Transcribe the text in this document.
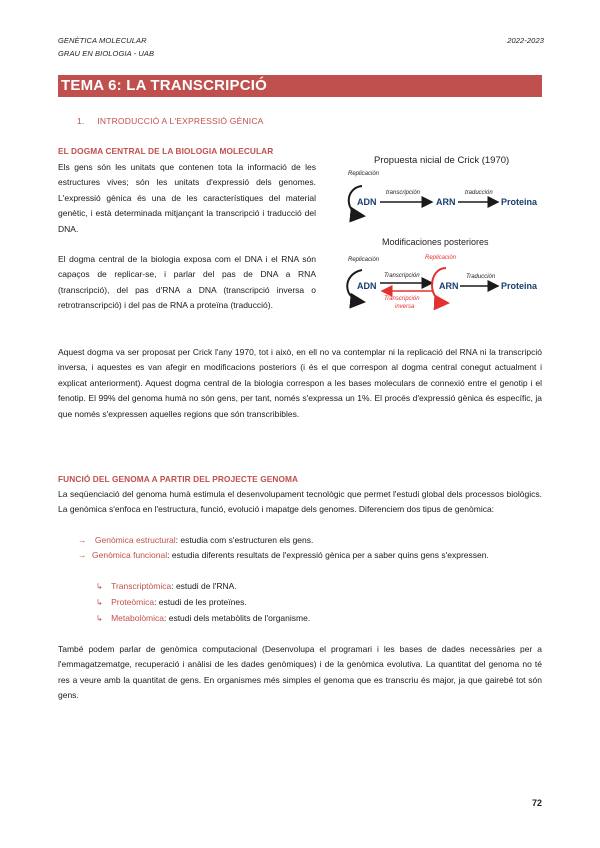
GENÈTICA MOLECULAR
GRAU EN BIOLOGIA - UAB
2022-2023
TEMA 6: LA TRANSCRIPCIÓ
1.     INTRODUCCIÓ A L'EXPRESSIÓ GÈNICA
EL DOGMA CENTRAL DE LA BIOLOGIA MOLECULAR

Els gens són les unitats que contenen tota la informació de les estructures vives; són les unitats d'expressió dels genomes. L'expressió gènica és una de les característiques del material genètic, i està determinada mitjançant la transcripció i traducció del DNA.

El dogma central de la biologia exposa com el DNA i el RNA són capaços de replicar-se, i parlar del pas de DNA a RNA (transcripció), del pas d'RNA a DNA (transcripció inversa o retrotranscripció) i del pas de RNA a proteïna (traducció).

Propuesta nicial de Crick (1970)
Replicación
ADN
transcripción
ARN
traducción
Proteina
Modificaciones posteriores
Replicación
ADN
Transcripción
Transcripción
inversa
Replicación
ARN
Traducción
Proteina

Aquest dogma va ser proposat per Crick l'any 1970, tot i això, en ell no va contemplar ni la replicació del RNA ni la transcripció inversa, i aquestes es van afegir en modificacions posteriors (i és el que correspon al dogma central conegut actualment i explicat anteriorment). Aquest dogma central de la biologia correspon a les bases moleculars de connexió entre el genotip i el fenotip. El 99% del genoma humà no són gens, per tant, només s'expressa un 1%. El procés d'expressió gènica és específic, ja que només s'expressen aquelles regions que són transcribibles.

FUNCIÓ DEL GENOMA A PARTIR DEL PROJECTE GENOMA

La seqüenciació del genoma humà estimula el desenvolupament tecnològic que permet l'estudi global dels processos biològics. La genòmica s'enfoca en l'estructura, funció, evolució i mapatge dels genomes. Diferenciem dos tipus de genòmica:

→ Genòmica estructural: estudia com s'estructuren els gens.
→ Genòmica funcional: estudia diferents resultats de l'expressió gènica per a saber quins gens s'expressen.
↳ Transcriptòmica: estudi de l'RNA.
↳ Proteòmica: estudi de les proteïnes.
↳ Metabolòmica: estudi dels metabòlits de l'organisme.

També podem parlar de genòmica computacional (Desenvolupa el programari i les bases de dades necessàries per a l'emmagatzematge, recuperació i anàlisi de les dades genòmiques) i de la genòmica evolutiva. La quantitat del genoma no té res a veure amb la quantitat de gens. En organismes més simples el genoma que es transcriu és major, ja que gairebé tot són gens.

72
